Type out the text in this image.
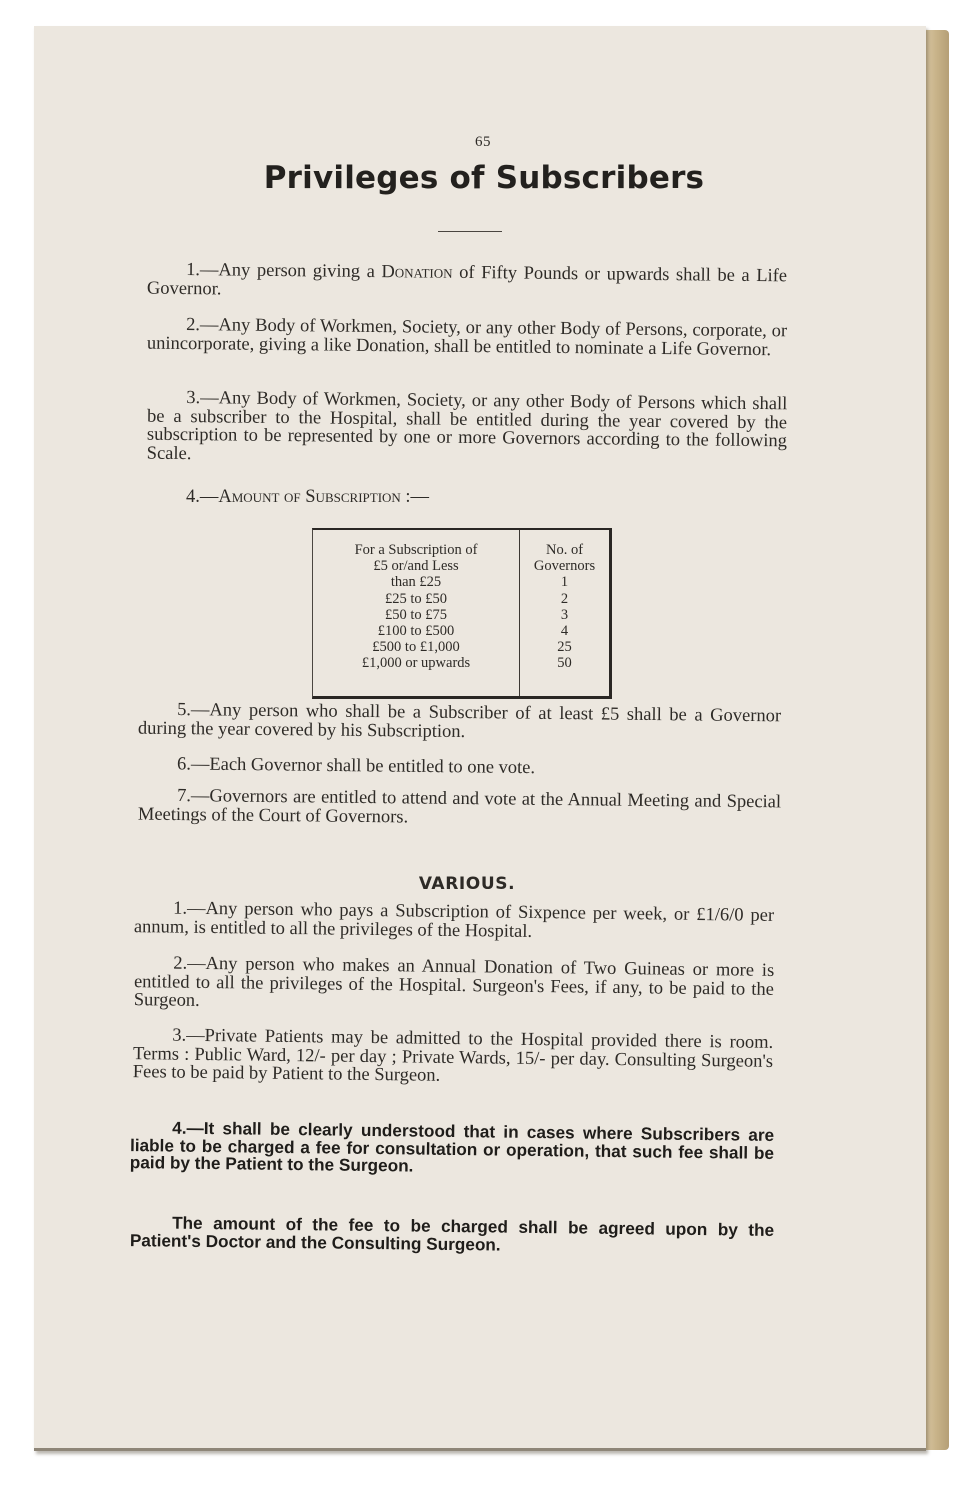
65
Privileges of Subscribers
1.—Any person giving a Donation of Fifty Pounds or upwards shall be a Life Governor.
2.—Any Body of Workmen, Society, or any other Body of Persons, corporate, or unincorporate, giving a like Donation, shall be entitled to nominate a Life Governor.
3.—Any Body of Workmen, Society, or any other Body of Persons which shall be a subscriber to the Hospital, shall be entitled during the year covered by the subscription to be represented by one or more Governors according to the following Scale.
4.—Amount of Subscription :—
For a Subscription of
£5 or/and Less
than £25
£25 to £50
£50 to £75
£100 to £500
£500 to £1,000
£1,000 or upwards
No. of
Governors
1
2
3
4
25
50
5.—Any person who shall be a Subscriber of at least £5 shall be a Governor during the year covered by his Subscription.
6.—Each Governor shall be entitled to one vote.
7.—Governors are entitled to attend and vote at the Annual Meeting and Special Meetings of the Court of Governors.
VARIOUS.
1.—Any person who pays a Subscription of Sixpence per week, or £1/6/0 per annum, is entitled to all the privileges of the Hospital.
2.—Any person who makes an Annual Donation of Two Guineas or more is entitled to all the privileges of the Hospital. Surgeon's Fees, if any, to be paid to the Surgeon.
3.—Private Patients may be admitted to the Hospital provided there is room. Terms : Public Ward, 12/- per day ; Private Wards, 15/- per day. Consulting Surgeon's Fees to be paid by Patient to the Surgeon.
4.—It shall be clearly understood that in cases where Subscribers are liable to be charged a fee for consultation or operation, that such fee shall be paid by the Patient to the Surgeon.
The amount of the fee to be charged shall be agreed upon by the Patient's Doctor and the Consulting Surgeon.
